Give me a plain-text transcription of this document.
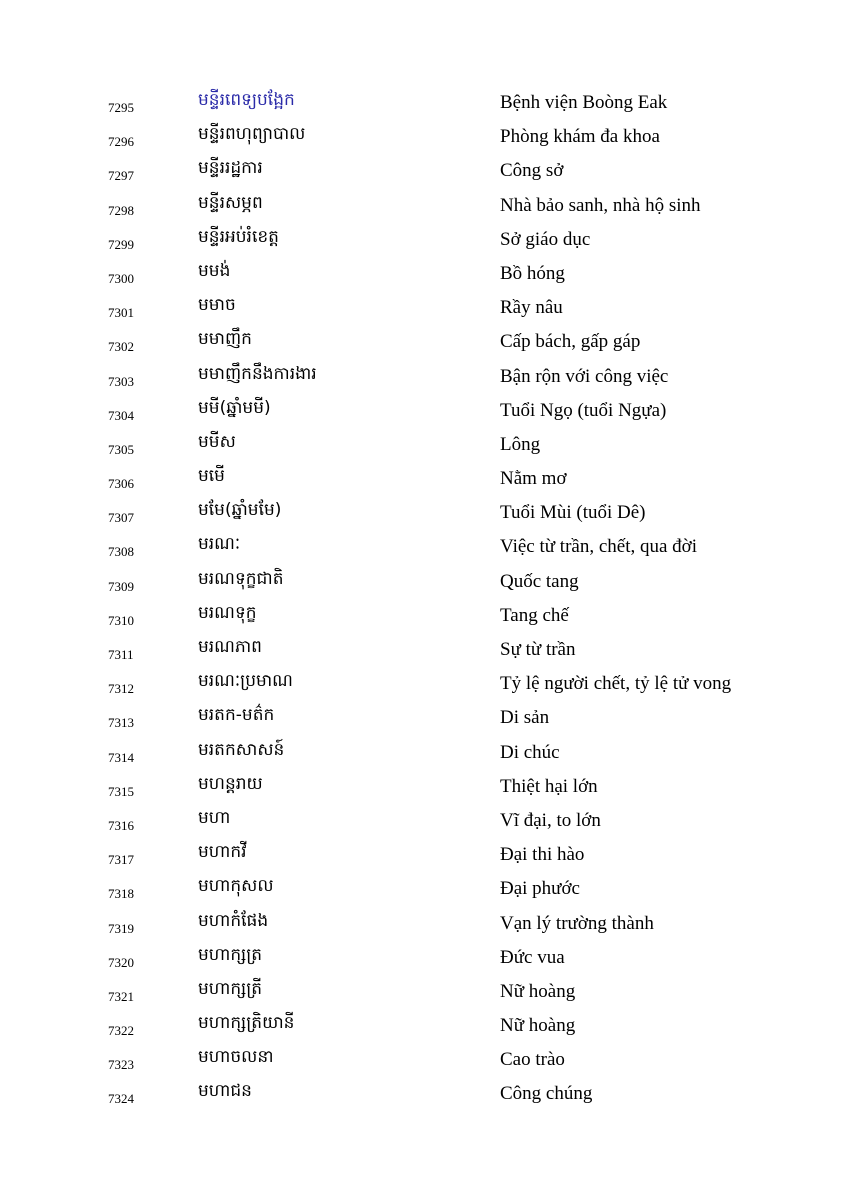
7295	មន្ទីរពេទ្យបង្អែក	Bệnh viện Boòng Eak
7296	មន្ទីរពហុព្យាបាល	Phòng khám đa khoa
7297	មន្ទីររដ្ឋការ	Công sở
7298	មន្ទីរសម្ភព	Nhà bảo sanh, nhà hộ sinh
7299	មន្ទីរអប់រំខេត្ត	Sở giáo dục
7300	មមង់	Bồ hóng
7301	មមាច	Rầy nâu
7302	មមាញឹក	Cấp bách, gấp gáp
7303	មមាញឹកនឹងការងារ	Bận rộn với công việc
7304	មមី(ឆ្នាំមមី)	Tuổi Ngọ (tuổi Ngựa)
7305	មមីស	Lông
7306	មមើ	Nằm mơ
7307	មមែ(ឆ្នាំមមែ)	Tuổi Mùi (tuổi Dê)
7308	មរណៈ	Việc từ trần, chết, qua đời
7309	មរណទុក្ខជាតិ	Quốc tang
7310	មរណទុក្ខ	Tang chế
7311	មរណភាព	Sự từ trần
7312	មរណៈប្រមាណ	Tỷ lệ người chết, tỷ lệ tử vong
7313	មរតក-មត៌ក	Di sản
7314	មរតកសាសន៍	Di chúc
7315	មហន្តរាយ	Thiệt hại lớn
7316	មហា	Vĩ đại, to lớn
7317	មហាកវី	Đại thi hào
7318	មហាកុសល	Đại phước
7319	មហាកំផែង	Vạn lý trường thành
7320	មហាក្សត្រ	Đức vua
7321	មហាក្សត្រី	Nữ hoàng
7322	មហាក្សត្រិយានី	Nữ hoàng
7323	មហាចលនា	Cao trào
7324	មហាជន	Công chúng
